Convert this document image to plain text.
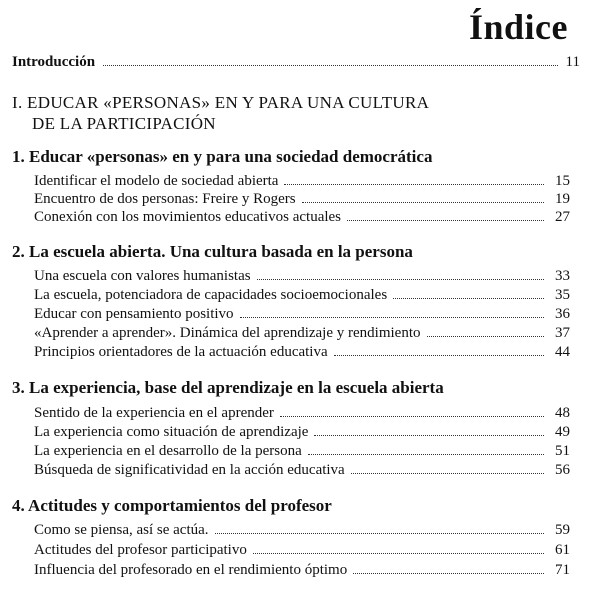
Índice
Introducción	11
I. EDUCAR «PERSONAS» EN Y PARA UNA CULTURA
DE LA PARTICIPACIÓN
1. Educar «personas» en y para una sociedad democrática
Identificar el modelo de sociedad abierta	15
Encuentro de dos personas: Freire y Rogers	19
Conexión con los movimientos educativos actuales	27
2. La escuela abierta. Una cultura basada en la persona
Una escuela con valores humanistas	33
La escuela, potenciadora de capacidades socioemocionales	35
Educar con pensamiento positivo	36
«Aprender a aprender». Dinámica del aprendizaje y rendimiento	37
Principios orientadores de la actuación educativa	44
3. La experiencia, base del aprendizaje en la escuela abierta
Sentido de la experiencia en el aprender	48
La experiencia como situación de aprendizaje	49
La experiencia en el desarrollo de la persona	51
Búsqueda de significatividad en la acción educativa	56
4. Actitudes y comportamientos del profesor
Como se piensa, así se actúa.	59
Actitudes del profesor participativo	61
Influencia del profesorado en el rendimiento óptimo	71
